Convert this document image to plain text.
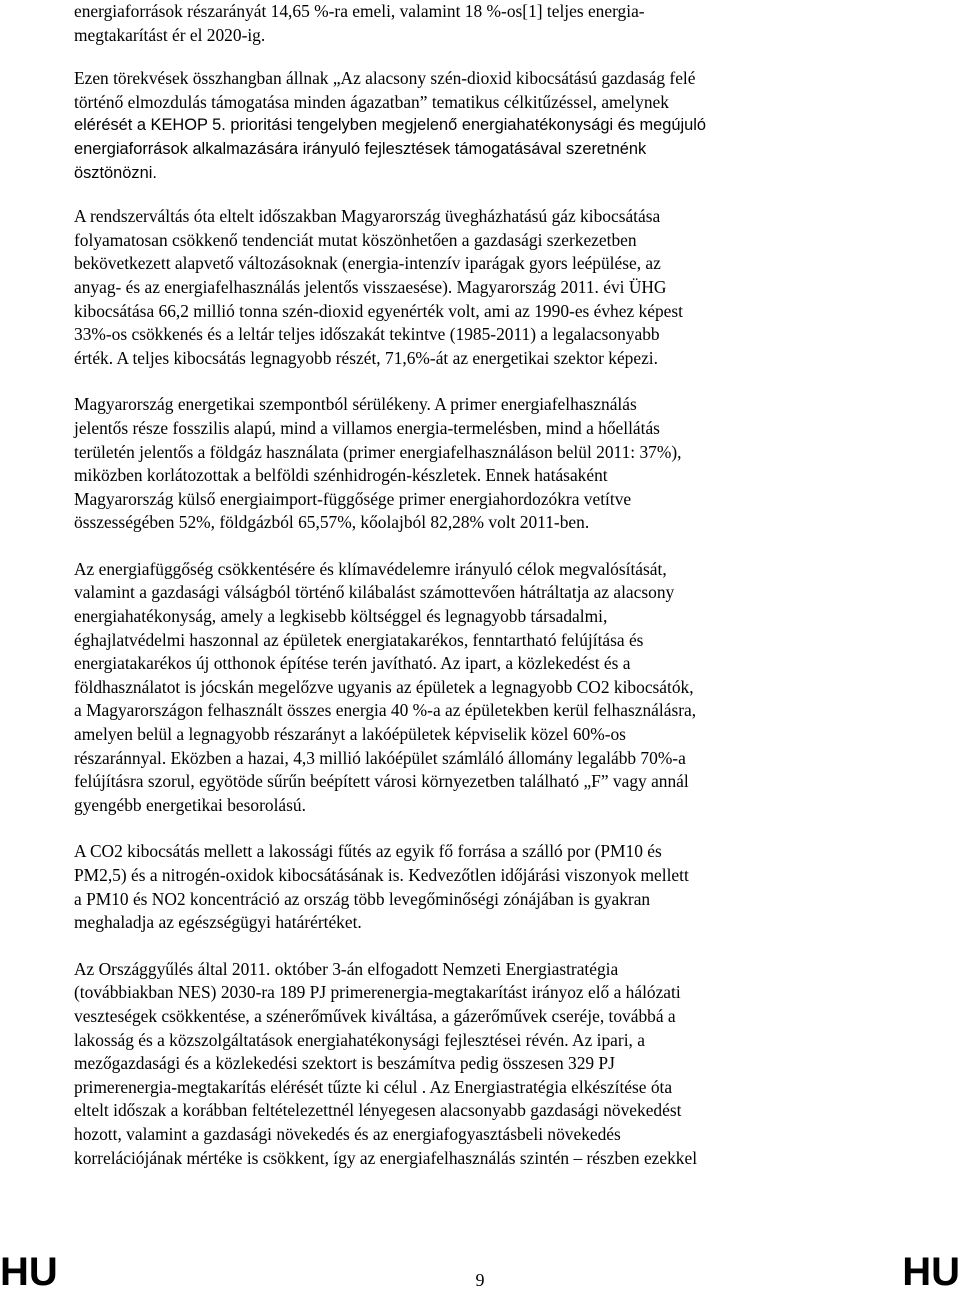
energiaforrások részarányát 14,65 %-ra emeli, valamint 18 %-os[1] teljes energia-
megtakarítást ér el 2020-ig.

Ezen törekvések összhangban állnak „Az alacsony szén-dioxid kibocsátású gazdaság felé
történő elmozdulás támogatása minden ágazatban” tematikus célkitűzéssel, amelynek
elérését a KEHOP 5. prioritási tengelyben megjelenő energiahatékonysági és megújuló
energiaforrások alkalmazására irányuló fejlesztések támogatásával szeretnénk
ösztönözni.

A rendszerváltás óta eltelt időszakban Magyarország üvegházhatású gáz kibocsátása
folyamatosan csökkenő tendenciát mutat köszönhetően a gazdasági szerkezetben
bekövetkezett alapvető változásoknak (energia-intenzív iparágak gyors leépülése, az
anyag- és az energiafelhasználás jelentős visszaesése). Magyarország 2011. évi ÜHG
kibocsátása 66,2 millió tonna szén-dioxid egyenérték volt, ami az 1990-es évhez képest
33%-os csökkenés és a leltár teljes időszakát tekintve (1985-2011) a legalacsonyabb
érték. A teljes kibocsátás legnagyobb részét, 71,6%-át az energetikai szektor képezi.

Magyarország energetikai szempontból sérülékeny. A primer energiafelhasználás
jelentős része fosszilis alapú, mind a villamos energia-termelésben, mind a hőellátás
területén jelentős a földgáz használata (primer energiafelhasználáson belül 2011: 37%),
miközben korlátozottak a belföldi szénhidrogén-készletek. Ennek hatásaként
Magyarország külső energiaimport-függősége primer energiahordozókra vetítve
összességében 52%, földgázból 65,57%, kőolajból 82,28% volt 2011-ben.

Az energiafüggőség csökkentésére és klímavédelemre irányuló célok megvalósítását,
valamint a gazdasági válságból történő kilábalást számottevően hátráltatja az alacsony
energiahatékonyság, amely a legkisebb költséggel és legnagyobb társadalmi,
éghajlatvédelmi haszonnal az épületek energiatakarékos, fenntartható felújítása és
energiatakarékos új otthonok építése terén javítható. Az ipart, a közlekedést és a
földhasználatot is jócskán megelőzve ugyanis az épületek a legnagyobb CO2 kibocsátók,
a Magyarországon felhasznált összes energia 40 %-a az épületekben kerül felhasználásra,
amelyen belül a legnagyobb részarányt a lakóépületek képviselik közel 60%-os
részaránnyal. Eközben a hazai, 4,3 millió lakóépület számláló állomány legalább 70%-a
felújításra szorul, egyötöde sűrűn beépített városi környezetben található „F” vagy annál
gyengébb energetikai besorolású.

A CO2 kibocsátás mellett a lakossági fűtés az egyik fő forrása a szálló por (PM10 és
PM2,5) és a nitrogén-oxidok kibocsátásának is. Kedvezőtlen időjárási viszonyok mellett
a PM10 és NO2 koncentráció az ország több levegőminőségi zónájában is gyakran
meghaladja az egészségügyi határértéket.

Az Országgyűlés által 2011. október 3-án elfogadott Nemzeti Energiastratégia
(továbbiakban NES) 2030-ra 189 PJ primerenergia-megtakarítást irányoz elő a hálózati
veszteségek csökkentése, a szénerőművek kiváltása, a gázerőművek cseréje, továbbá a
lakosság és a közszolgáltatások energiahatékonysági fejlesztései révén. Az ipari, a
mezőgazdasági és a közlekedési szektort is beszámítva pedig összesen 329 PJ
primerenergia-megtakarítás elérését tűzte ki célul . Az Energiastratégia elkészítése óta
eltelt időszak a korábban feltételezettnél lényegesen alacsonyabb gazdasági növekedést
hozott, valamint a gazdasági növekedés és az energiafogyasztásbeli növekedés
korrelációjának mértéke is csökkent, így az energiafelhasználás szintén – részben ezekkel

HU	9	HU
